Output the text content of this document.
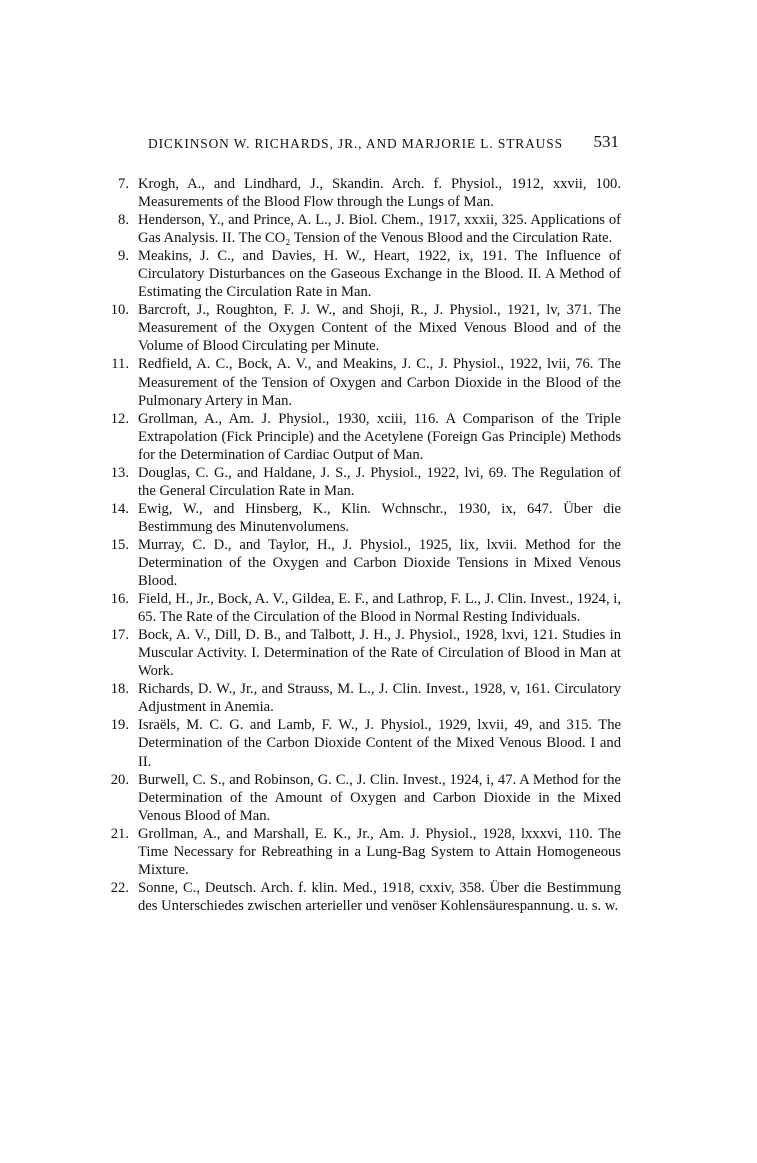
DICKINSON W. RICHARDS, JR., AND MARJORIE L. STRAUSS 531
7. Krogh, A., and Lindhard, J., Skandin. Arch. f. Physiol., 1912, xxvii, 100. Measurements of the Blood Flow through the Lungs of Man.
8. Henderson, Y., and Prince, A. L., J. Biol. Chem., 1917, xxxii, 325. Applications of Gas Analysis. II. The CO₂ Tension of the Venous Blood and the Circulation Rate.
9. Meakins, J. C., and Davies, H. W., Heart, 1922, ix, 191. The Influence of Circulatory Disturbances on the Gaseous Exchange in the Blood. II. A Method of Estimating the Circulation Rate in Man.
10. Barcroft, J., Roughton, F. J. W., and Shoji, R., J. Physiol., 1921, lv, 371. The Measurement of the Oxygen Content of the Mixed Venous Blood and of the Volume of Blood Circulating per Minute.
11. Redfield, A. C., Bock, A. V., and Meakins, J. C., J. Physiol., 1922, lvii, 76. The Measurement of the Tension of Oxygen and Carbon Dioxide in the Blood of the Pulmonary Artery in Man.
12. Grollman, A., Am. J. Physiol., 1930, xciii, 116. A Comparison of the Triple Extrapolation (Fick Principle) and the Acetylene (Foreign Gas Principle) Methods for the Determination of Cardiac Output of Man.
13. Douglas, C. G., and Haldane, J. S., J. Physiol., 1922, lvi, 69. The Regulation of the General Circulation Rate in Man.
14. Ewig, W., and Hinsberg, K., Klin. Wchnschr., 1930, ix, 647. Über die Bestimmung des Minutenvolumens.
15. Murray, C. D., and Taylor, H., J. Physiol., 1925, lix, lxvii. Method for the Determination of the Oxygen and Carbon Dioxide Tensions in Mixed Venous Blood.
16. Field, H., Jr., Bock, A. V., Gildea, E. F., and Lathrop, F. L., J. Clin. Invest., 1924, i, 65. The Rate of the Circulation of the Blood in Normal Resting Individuals.
17. Bock, A. V., Dill, D. B., and Talbott, J. H., J. Physiol., 1928, lxvi, 121. Studies in Muscular Activity. I. Determination of the Rate of Circulation of Blood in Man at Work.
18. Richards, D. W., Jr., and Strauss, M. L., J. Clin. Invest., 1928, v, 161. Circulatory Adjustment in Anemia.
19. Israëls, M. C. G. and Lamb, F. W., J. Physiol., 1929, lxvii, 49, and 315. The Determination of the Carbon Dioxide Content of the Mixed Venous Blood. I and II.
20. Burwell, C. S., and Robinson, G. C., J. Clin. Invest., 1924, i, 47. A Method for the Determination of the Amount of Oxygen and Carbon Dioxide in the Mixed Venous Blood of Man.
21. Grollman, A., and Marshall, E. K., Jr., Am. J. Physiol., 1928, lxxxvi, 110. The Time Necessary for Rebreathing in a Lung-Bag System to Attain Homogeneous Mixture.
22. Sonne, C., Deutsch. Arch. f. klin. Med., 1918, cxxiv, 358. Über die Bestimmung des Unterschiedes zwischen arterieller und venöser Kohlensäurespannung. u. s. w.
